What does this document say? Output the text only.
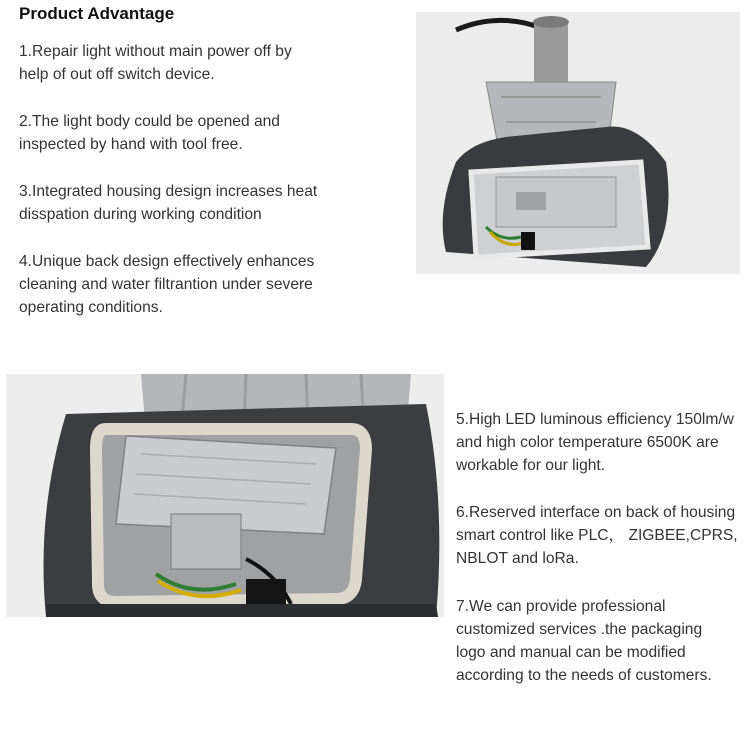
Product Advantage

1.Repair light without main power off by help of out off switch device.

2.The light body could be opened and inspected by hand with tool free.

3.Integrated housing design increases heat disspation during working condition

4.Unique back design effectively enhances cleaning and water filtrantion under severe operating conditions.

5.High LED luminous efficiency 150lm/w and high color temperature 6500K are workable for our light.

6.Reserved interface on back of housing smart control like PLC， ZIGBEE,CPRS, NBLOT and loRa.

7.We can provide professional customized services .the packaging logo and manual can be modified according to the needs of customers.
